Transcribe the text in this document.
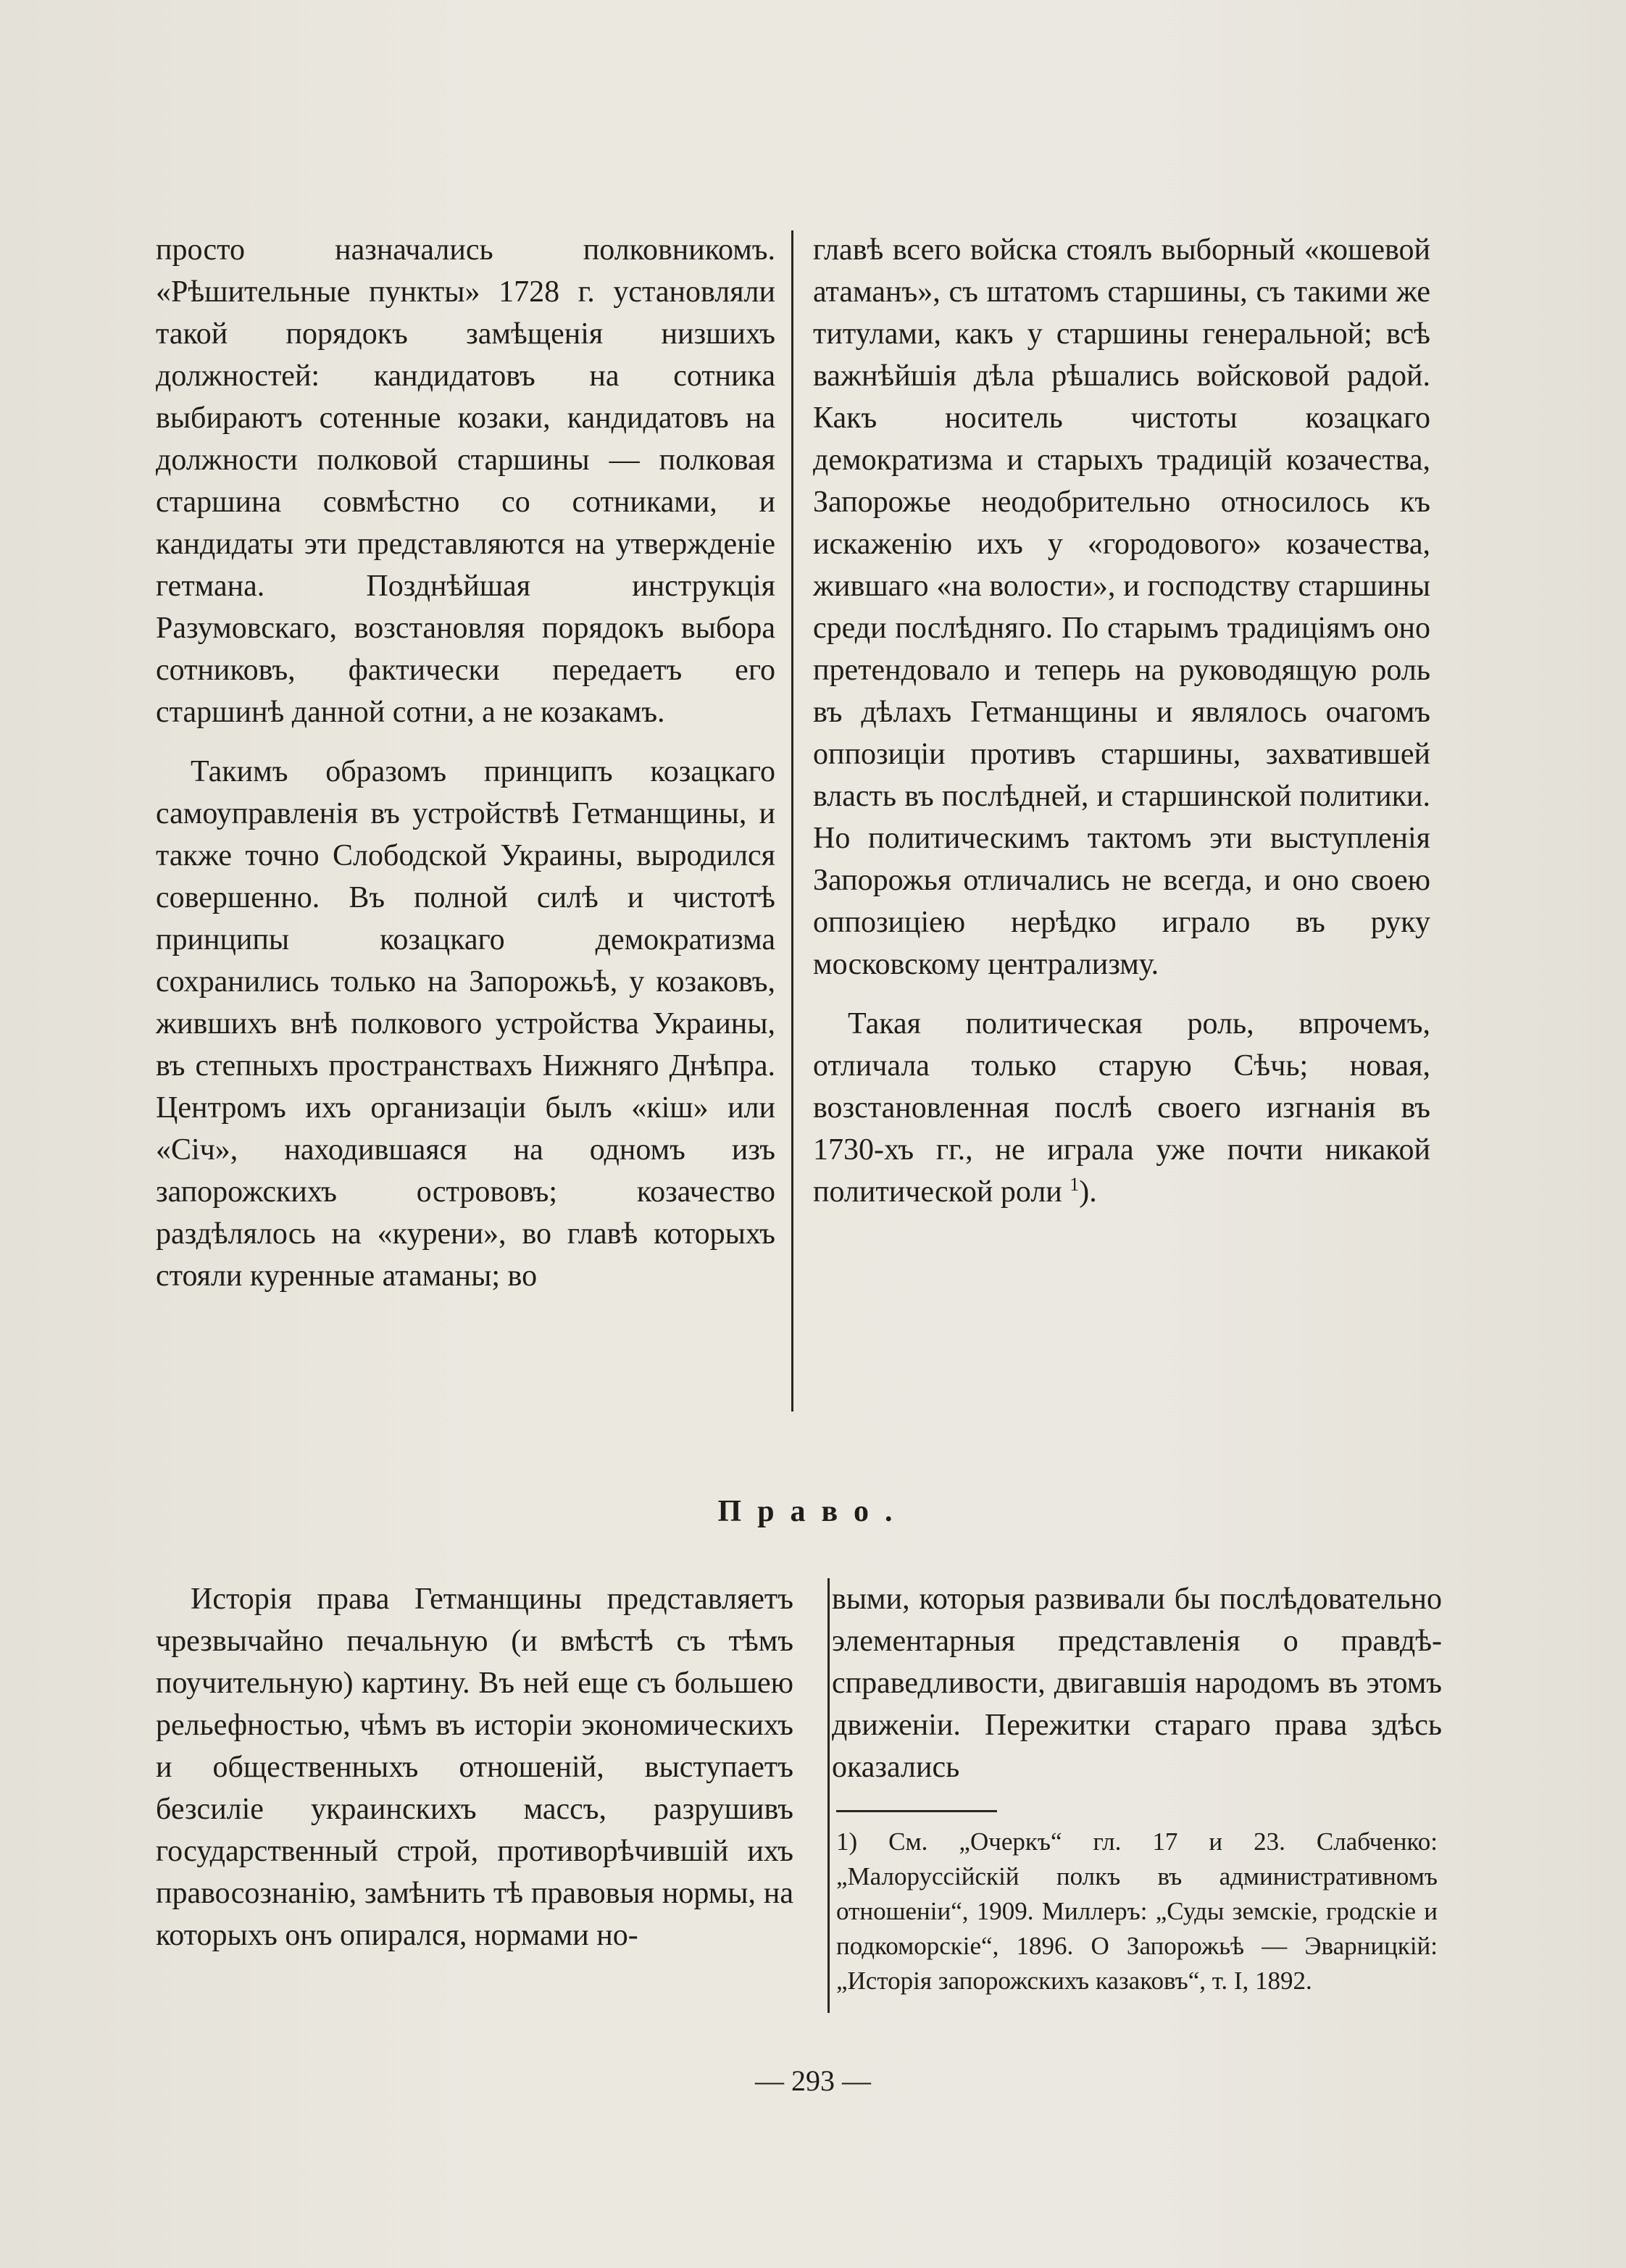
просто назначались полковникомъ. «Рѣшительные пункты» 1728 г. установляли такой порядокъ замѣщенія низшихъ должностей: кандидатовъ на сотника выбираютъ сотенные козаки, кандидатовъ на должности полковой старшины — полковая старшина совмѣстно со сотниками, и кандидаты эти представляются на утвержденіе гетмана. Позднѣйшая инструкція Разумовскаго, возстановляя порядокъ выбора сотниковъ, фактически передаетъ его старшинѣ данной сотни, а не козакамъ.

Такимъ образомъ принципъ козацкаго самоуправленія въ устройствѣ Гетманщины, и также точно Слободской Украины, выродился совершенно. Въ полной силѣ и чистотѣ принципы козацкаго демократизма сохранились только на Запорожьѣ, у козаковъ, жившихъ внѣ полкового устройства Украины, въ степныхъ пространствахъ Нижняго Днѣпра. Центромъ ихъ организаціи былъ «кіш» или «Січ», находившаяся на одномъ изъ запорожскихъ острововъ; козачество раздѣлялось на «курени», во главѣ которыхъ стояли куренные атаманы; во

главѣ всего войска стоялъ выборный «кошевой атаманъ», съ штатомъ старшины, съ такими же титулами, какъ у старшины генеральной; всѣ важнѣйшія дѣла рѣшались войсковой радой. Какъ носитель чистоты козацкаго демократизма и старыхъ традицій козачества, Запорожье неодобрительно относилось къ искаженію ихъ у «городового» козачества, жившаго «на волости», и господству старшины среди послѣдняго. По старымъ традиціямъ оно претендовало и теперь на руководящую роль въ дѣлахъ Гетманщины и являлось очагомъ оппозиціи противъ старшины, захватившей власть въ послѣдней, и старшинской политики. Но политическимъ тактомъ эти выступленія Запорожья отличались не всегда, и оно своею оппозиціею нерѣдко играло въ руку московскому централизму.

Такая политическая роль, впрочемъ, отличала только старую Сѣчь; новая, возстановленная послѣ своего изгнанія въ 1730-хъ гг., не играла уже почти никакой политической роли $^1$).

Право.

Исторія права Гетманщины представляетъ чрезвычайно печальную (и вмѣстѣ съ тѣмъ поучительную) картину. Въ ней еще съ большею рельефностью, чѣмъ въ исторіи экономическихъ и общественныхъ отношеній, выступаетъ безсиліе украинскихъ массъ, разрушивъ государственный строй, противорѣчившій ихъ правосознанію, замѣнить тѣ правовыя нормы, на которыхъ онъ опирался, нормами но-

выми, которыя развивали бы послѣдовательно элементарныя представленія о правдѣ-справедливости, двигавшія народомъ въ этомъ движеніи. Пережитки стараго права здѣсь оказались

1) См. „Очеркъ“ гл. 17 и 23. Слабченко: „Малоруссійскій полкъ въ административномъ отношеніи“, 1909. Миллеръ: „Суды земскіе, гродскіе и подкоморскіе“, 1896. О Запорожьѣ — Эварницкій: „Исторія запорожскихъ казаковъ“, т. I, 1892.
— 293 —
